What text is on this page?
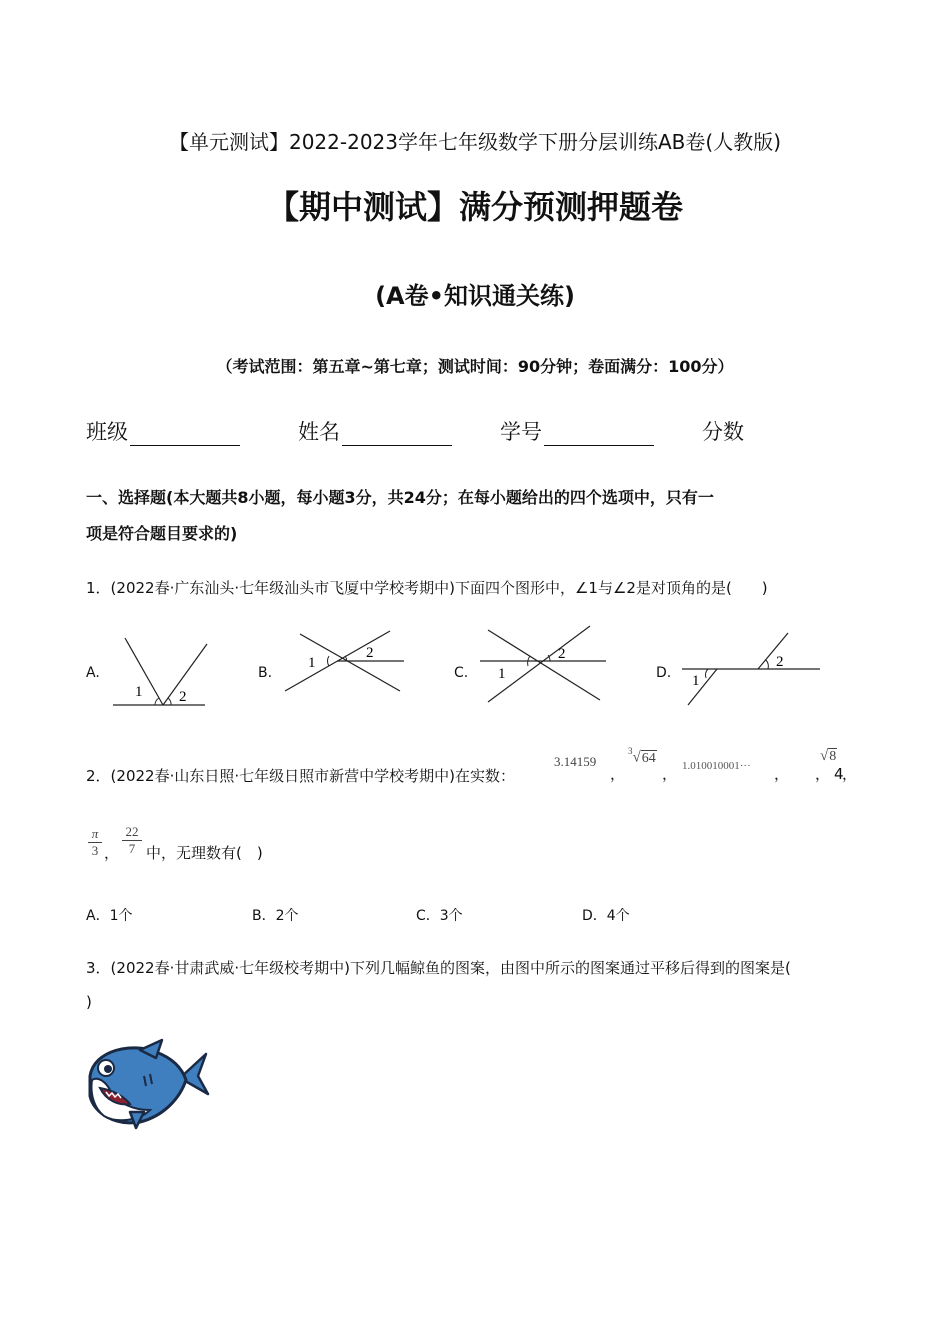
【单元测试】2022-2023学年七年级数学下册分层训练AB卷(人教版)
【期中测试】满分预测押题卷
(A卷•知识通关练)
（考试范围：第五章~第七章；测试时间：90分钟；卷面满分：100分）
班级	姓名	学号	分数
一、选择题(本大题共8小题，每小题3分，共24分；在每小题给出的四个选项中，只有一
项是符合题目要求的)
1．(2022春·广东汕头·七年级汕头市飞厦中学校考期中)下面四个图形中，∠1与∠2是对顶角的是(　　)
A.
1 2
B.
1
2
C. 1
2
D. 1
2
2．(2022春·山东日照·七年级日照市新营中学校考期中)在实数：
3.14159
，
$^3$√64
， 1.010010001··· ，
√8
， 4
，
$\frac{\pi}{3}$ ， $\frac{22}{7}$ 中，无理数有(　)
A．1个	B．2个	C．3个	D．4个
3．(2022春·甘肃武威·七年级校考期中)下列几幅鲸鱼的图案，由图中所示的图案通过平移后得到的图案是(
)
